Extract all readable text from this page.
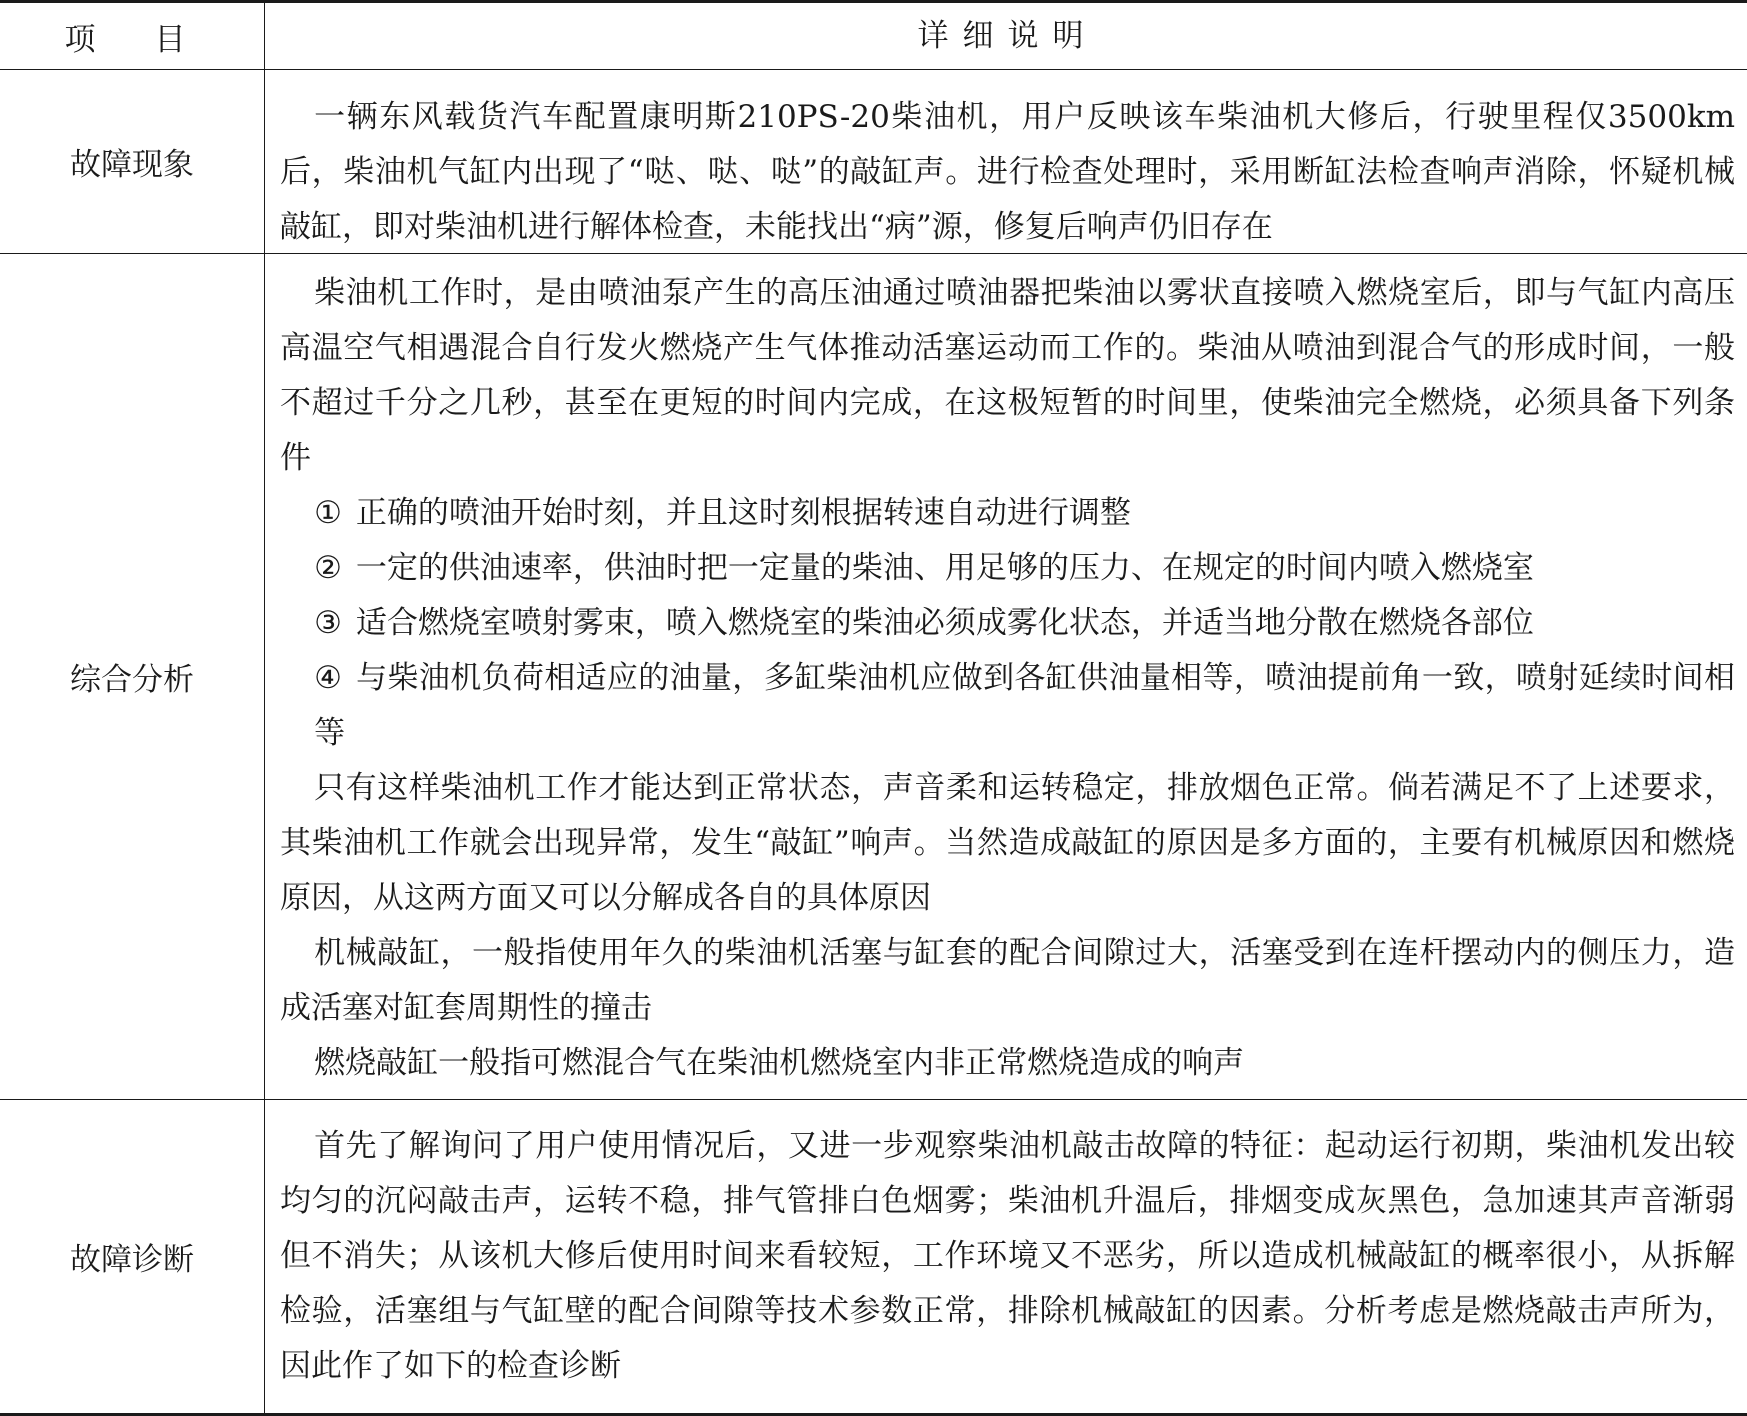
项　目	详细说明
故障现象

一辆东风载货汽车配置康明斯210PS-20柴油机，用户反映该车柴油机大修后，行驶里程仅3500km后，柴油机气缸内出现了“哒、哒、哒”的敲缸声。进行检查处理时，采用断缸法检查响声消除，怀疑机械敲缸，即对柴油机进行解体检查，未能找出“病”源，修复后响声仍旧存在

综合分析

柴油机工作时，是由喷油泵产生的高压油通过喷油器把柴油以雾状直接喷入燃烧室后，即与气缸内高压高温空气相遇混合自行发火燃烧产生气体推动活塞运动而工作的。柴油从喷油到混合气的形成时间，一般不超过千分之几秒，甚至在更短的时间内完成，在这极短暂的时间里，使柴油完全燃烧，必须具备下列条件

① 正确的喷油开始时刻，并且这时刻根据转速自动进行调整

② 一定的供油速率，供油时把一定量的柴油、用足够的压力、在规定的时间内喷入燃烧室

③ 适合燃烧室喷射雾束，喷入燃烧室的柴油必须成雾化状态，并适当地分散在燃烧各部位

④ 与柴油机负荷相适应的油量，多缸柴油机应做到各缸供油量相等，喷油提前角一致，喷射延续时间相等

只有这样柴油机工作才能达到正常状态，声音柔和运转稳定，排放烟色正常。倘若满足不了上述要求，其柴油机工作就会出现异常，发生“敲缸”响声。当然造成敲缸的原因是多方面的，主要有机械原因和燃烧原因，从这两方面又可以分解成各自的具体原因

机械敲缸，一般指使用年久的柴油机活塞与缸套的配合间隙过大，活塞受到在连杆摆动内的侧压力，造成活塞对缸套周期性的撞击

燃烧敲缸一般指可燃混合气在柴油机燃烧室内非正常燃烧造成的响声

故障诊断

首先了解询问了用户使用情况后，又进一步观察柴油机敲击故障的特征：起动运行初期，柴油机发出较均匀的沉闷敲击声，运转不稳，排气管排白色烟雾；柴油机升温后，排烟变成灰黑色，急加速其声音渐弱但不消失；从该机大修后使用时间来看较短，工作环境又不恶劣，所以造成机械敲缸的概率很小，从拆解检验，活塞组与气缸壁的配合间隙等技术参数正常，排除机械敲缸的因素。分析考虑是燃烧敲击声所为，因此作了如下的检查诊断
